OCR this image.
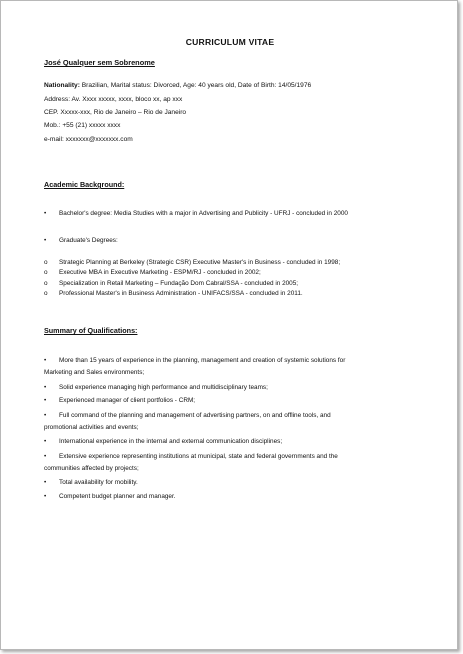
CURRICULUM VITAE
José Qualquer sem Sobrenome
Nationality: Brazilian, Marital status: Divorced, Age: 40 years old, Date of Birth: 14/05/1976
Address: Av. Xxxx xxxxx, xxxx, bloco xx, ap xxx
CEP. Xxxxx-xxx, Rio de Janeiro – Rio de Janeiro
Mob.: +55 (21) xxxxx xxxx
e-mail: xxxxxxx@xxxxxxx.com
Academic Background:
• Bachelor's degree: Media Studies with a major in Advertising and Publicity - UFRJ - concluded in 2000
• Graduate's Degrees:
o Strategic Planning at Berkeley (Strategic CSR) Executive Master's in Business - concluded in 1998;
o Executive MBA in Executive Marketing - ESPM/RJ - concluded in 2002;
o Specialization in Retail Marketing – Fundação Dom Cabral/SSA - concluded in 2005;
o Professional Master's in Business Administration - UNIFACS/SSA - concluded in 2011.
Summary of Qualifications:
• More than 15 years of experience in the planning, management and creation of systemic solutions for
Marketing and Sales environments;
• Solid experience managing high performance and multidisciplinary teams;
• Experienced manager of client portfolios - CRM;
• Full command of the planning and management of advertising partners, on and offline tools, and
promotional activities and events;
• International experience in the internal and external communication disciplines;
• Extensive experience representing institutions at municipal, state and federal governments and the
communities affected by projects;
• Total availability for mobility.
• Competent budget planner and manager.
